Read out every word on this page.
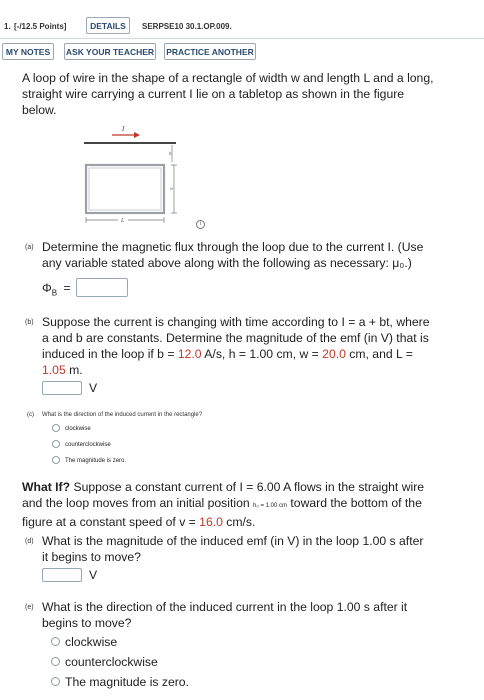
1. [-/12.5 Points]	DETAILS	SERPSE10 30.1.OP.009.
MY NOTES	ASK YOUR TEACHER PRACTICE ANOTHER
A loop of wire in the shape of a rectangle of width w and length L and a long,
straight wire carrying a current I lie on a tabletop as shown in the figure
below.
I
h
w
L	i
(a) Determine the magnetic flux through the loop due to the current I. (Use
any variable stated above along with the following as necessary: μ₀.)
$\Phi_B$ =
(b) Suppose the current is changing with time according to I = a + bt, where
a and b are constants. Determine the magnitude of the emf (in V) that is
induced in the loop if b = 12.0 A/s, h = 1.00 cm, w = 20.0 cm, and L =
1.05 m.
V
(c) What is the direction of the induced current in the rectangle?
clockwise
counterclockwise
The magnitude is zero.
What If? Suppose a constant current of I = 6.00 A flows in the straight wire
and the loop moves from an initial position h₀ = 1.00 cm toward the bottom of the
figure at a constant speed of v = 16.0 cm/s.
(d) What is the magnitude of the induced emf (in V) in the loop 1.00 s after
it begins to move?
V
(e) What is the direction of the induced current in the loop 1.00 s after it
begins to move?
clockwise
counterclockwise
The magnitude is zero.
